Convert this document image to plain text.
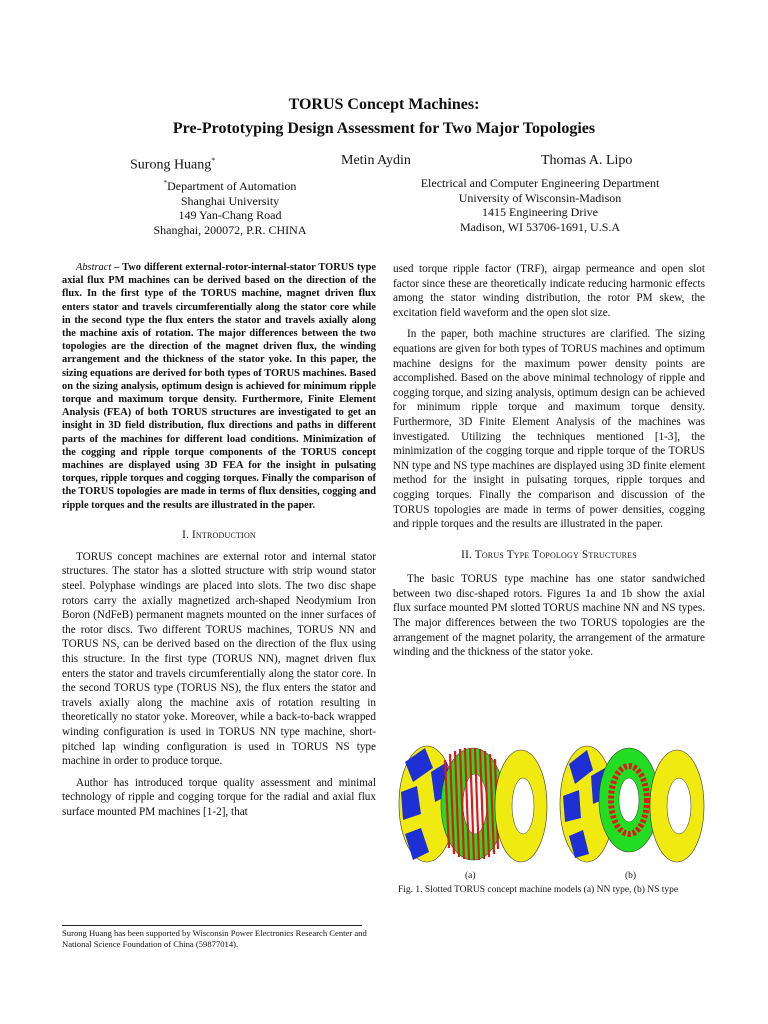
TORUS Concept Machines:
Pre-Prototyping Design Assessment for Two Major Topologies
Surong Huang*	Metin Aydin	Thomas A. Lipo
*Department of Automation
Shanghai University
149 Yan-Chang Road
Shanghai, 200072, P.R. CHINA
Electrical and Computer Engineering Department
University of Wisconsin-Madison
1415 Engineering Drive
Madison, WI 53706-1691, U.S.A
Abstract – Two different external-rotor-internal-stator TORUS type axial flux PM machines can be derived based on the direction of the flux. In the first type of the TORUS machine, magnet driven flux enters stator and travels circumferentially along the stator core while in the second type the flux enters the stator and travels axially along the machine axis of rotation. The major differences between the two topologies are the direction of the magnet driven flux, the winding arrangement and the thickness of the stator yoke. In this paper, the sizing equations are derived for both types of TORUS machines. Based on the sizing analysis, optimum design is achieved for minimum ripple torque and maximum torque density. Furthermore, Finite Element Analysis (FEA) of both TORUS structures are investigated to get an insight in 3D field distribution, flux directions and paths in different parts of the machines for different load conditions. Minimization of the cogging and ripple torque components of the TORUS concept machines are displayed using 3D FEA for the insight in pulsating torques, ripple torques and cogging torques. Finally the comparison of the TORUS topologies are made in terms of flux densities, cogging and ripple torques and the results are illustrated in the paper.
I. Introduction

TORUS concept machines are external rotor and internal stator structures. The stator has a slotted structure with strip wound stator steel. Polyphase windings are placed into slots. The two disc shape rotors carry the axially magnetized arch-shaped Neodymium Iron Boron (NdFeB) permanent magnets mounted on the inner surfaces of the rotor discs. Two different TORUS machines, TORUS NN and TORUS NS, can be derived based on the direction of the flux using this structure. In the first type (TORUS NN), magnet driven flux enters the stator and travels circumferentially along the stator core. In the second TORUS type (TORUS NS), the flux enters the stator and travels axially along the machine axis of rotation resulting in theoretically no stator yoke. Moreover, while a back-to-back wrapped winding configuration is used in TORUS NN type machine, short-pitched lap winding configuration is used in TORUS NS type machine in order to produce torque.

Author has introduced torque quality assessment and minimal technology of ripple and cogging torque for the radial and axial flux surface mounted PM machines [1-2], that

Surong Huang has been supported by Wisconsin Power Electronics Research Center and National Science Foundation of China (59877014).

used torque ripple factor (TRF), airgap permeance and open slot factor since these are theoretically indicate reducing harmonic effects among the stator winding distribution, the rotor PM skew, the excitation field waveform and the open slot size.

In the paper, both machine structures are clarified. The sizing equations are given for both types of TORUS machines and optimum machine designs for the maximum power density points are accomplished. Based on the above minimal technology of ripple and cogging torque, and sizing analysis, optimum design can be achieved for minimum ripple torque and maximum torque density. Furthermore, 3D Finite Element Analysis of the machines was investigated. Utilizing the techniques mentioned [1-3], the minimization of the cogging torque and ripple torque of the TORUS NN type and NS type machines are displayed using 3D finite element method for the insight in pulsating torques, ripple torques and cogging torques. Finally the comparison and discussion of the TORUS topologies are made in terms of power densities, cogging and ripple torques and the results are illustrated in the paper.

II. Torus Type Topology Structures

The basic TORUS type machine has one stator sandwiched between two disc-shaped rotors. Figures 1a and 1b show the axial flux surface mounted PM slotted TORUS machine NN and NS types. The major differences between the two TORUS topologies are the arrangement of the magnet polarity, the arrangement of the armature winding and the thickness of the stator yoke.

(a)	(b)
Fig. 1. Slotted TORUS concept machine models (a) NN type, (b) NS type
